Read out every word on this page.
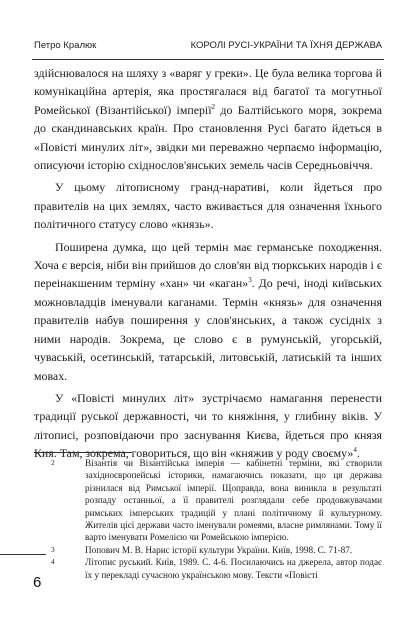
Петро Кралюк	КОРОЛІ РУСІ-УКРАЇНИ ТА ЇХНЯ ДЕРЖАВА

здійснювалося на шляху з «варяг у греки». Це була велика торгова й комунікаційна артерія, яка простягалася від багатої та могутньої Ромейської (Візантійської) імперії$^2$ до Балтійського моря, зокрема до скандинавських країн. Про становлення Русі багато йдеться в «Повісті минулих літ», звідки ми переважно черпаємо інформацію, описуючи історію східнослов'янських земель часів Середньовіччя.

У цьому літописному гранд-наративі, коли йдеться про правителів на цих землях, часто вживається для означення їхнього політичного статусу слово «князь».

Поширена думка, що цей термін має германське походження. Хоча є версія, ніби він прийшов до слов'ян від тюркських народів і є переінакшеним терміну «хан» чи «каган»$^3$. До речі, іноді київських можновладців іменували каганами. Термін «князь» для означення правителів набув поширення у слов'янських, а також сусідніх з ними народів. Зокрема, це слово є в румунській, угорській, чуваській, осетинській, татарській, литовській, латиській та інших мовах.

У «Повісті минулих літ» зустрічаємо намагання перенести традиції руської державності, чи то княжіння, у глибину віків. У літописі, розповідаючи про заснування Києва, йдеться про князя Кия. Там, зокрема, говориться, що він «княжив у роду своєму»$^4$.

2	Візантія чи Візантійська імперія — кабінетні терміни, які створили західноєвропейські історики, намагаючись показати, що ця держава різнилася від Римської імперії. Щоправда, вона виникла в результаті розпаду останньої, а її правителі розглядали себе продовжувачами римських імперських традицій у плані політичному й культурному. Жителів цієї держави часто іменували ромеями, власне римлянами. Тому її варто іменувати Ромелією чи Ромейською імперією.
3	Попович М. В. Нарис історії культури України. Київ, 1998. С. 71-87.
4	Літопис руський. Київ, 1989. С. 4-6. Посилаючись на джерела, автор подає їх у перекладі сучасною українською мову. Тексти «Повісті
6
